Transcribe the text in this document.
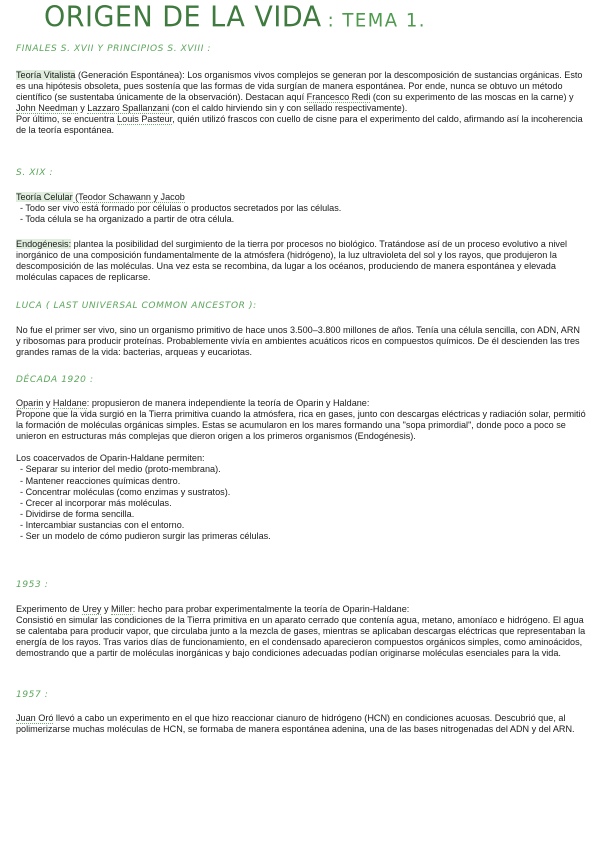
ORIGEN DE LA VIDA : TEMA 1.
FINALES S. XVII Y PRINCIPIOS S. XVIII :

Teoría Vitalista (Generación Espontánea): Los organismos vivos complejos se generan por la descomposición de sustancias orgánicas. Esto es una hipótesis obsoleta, pues sostenía que las formas de vida surgían de manera espontánea. Por ende, nunca se obtuvo un método científico (se sustentaba únicamente de la observación). Destacan aquí Francesco Redi (con su experimento de las moscas en la carne) y John Needman y Lazzaro Spallanzani (con el caldo hirviendo sin y con sellado respectivamente).

Por último, se encuentra Louis Pasteur, quién utilizó frascos con cuello de cisne para el experimento del caldo, afirmando así la incoherencia de la teoría espontánea.

S. XIX :

Teoría Celular (Teodor Schawann y Jacob

- Todo ser vivo está formado por células o productos secretados por las células.

- Toda célula se ha organizado a partir de otra célula.

Endogénesis: plantea la posibilidad del surgimiento de la tierra por procesos no biológico. Tratándose así de un proceso evolutivo a nivel inorgánico de una composición fundamentalmente de la atmósfera (hidrógeno), la luz ultravioleta del sol y los rayos, que produjeron la descomposición de las moléculas. Una vez esta se recombina, da lugar a los océanos, produciendo de manera espontánea y elevada moléculas capaces de replicarse.

LUCA ( LAST UNIVERSAL COMMON ANCESTOR ):

No fue el primer ser vivo, sino un organismo primitivo de hace unos 3.500–3.800 millones de años. Tenía una célula sencilla, con ADN, ARN y ribosomas para producir proteínas. Probablemente vivía en ambientes acuáticos ricos en compuestos químicos. De él descienden las tres grandes ramas de la vida: bacterias, arqueas y eucariotas.

DÉCADA 1920 :

Oparin y Haldane: propusieron de manera independiente la teoría de Oparin y Haldane:

Propone que la vida surgió en la Tierra primitiva cuando la atmósfera, rica en gases, junto con descargas eléctricas y radiación solar, permitió la formación de moléculas orgánicas simples. Estas se acumularon en los mares formando una "sopa primordial", donde poco a poco se unieron en estructuras más complejas que dieron origen a los primeros organismos (Endogénesis).

Los coacervados de Oparin-Haldane permiten:

- Separar su interior del medio (proto-membrana).

- Mantener reacciones químicas dentro.

- Concentrar moléculas (como enzimas y sustratos).

- Crecer al incorporar más moléculas.

- Dividirse de forma sencilla.

- Intercambiar sustancias con el entorno.

- Ser un modelo de cómo pudieron surgir las primeras células.

1953 :

Experimento de Urey y Miller: hecho para probar experimentalmente la teoría de Oparin-Haldane:

Consistió en simular las condiciones de la Tierra primitiva en un aparato cerrado que contenía agua, metano, amoníaco e hidrógeno. El agua se calentaba para producir vapor, que circulaba junto a la mezcla de gases, mientras se aplicaban descargas eléctricas que representaban la energía de los rayos. Tras varios días de funcionamiento, en el condensado aparecieron compuestos orgánicos simples, como aminoácidos, demostrando que a partir de moléculas inorgánicas y bajo condiciones adecuadas podían originarse moléculas esenciales para la vida.

1957 :

Juan Oró llevó a cabo un experimento en el que hizo reaccionar cianuro de hidrógeno (HCN) en condiciones acuosas. Descubrió que, al polimerizarse muchas moléculas de HCN, se formaba de manera espontánea adenina, una de las bases nitrogenadas del ADN y del ARN.
